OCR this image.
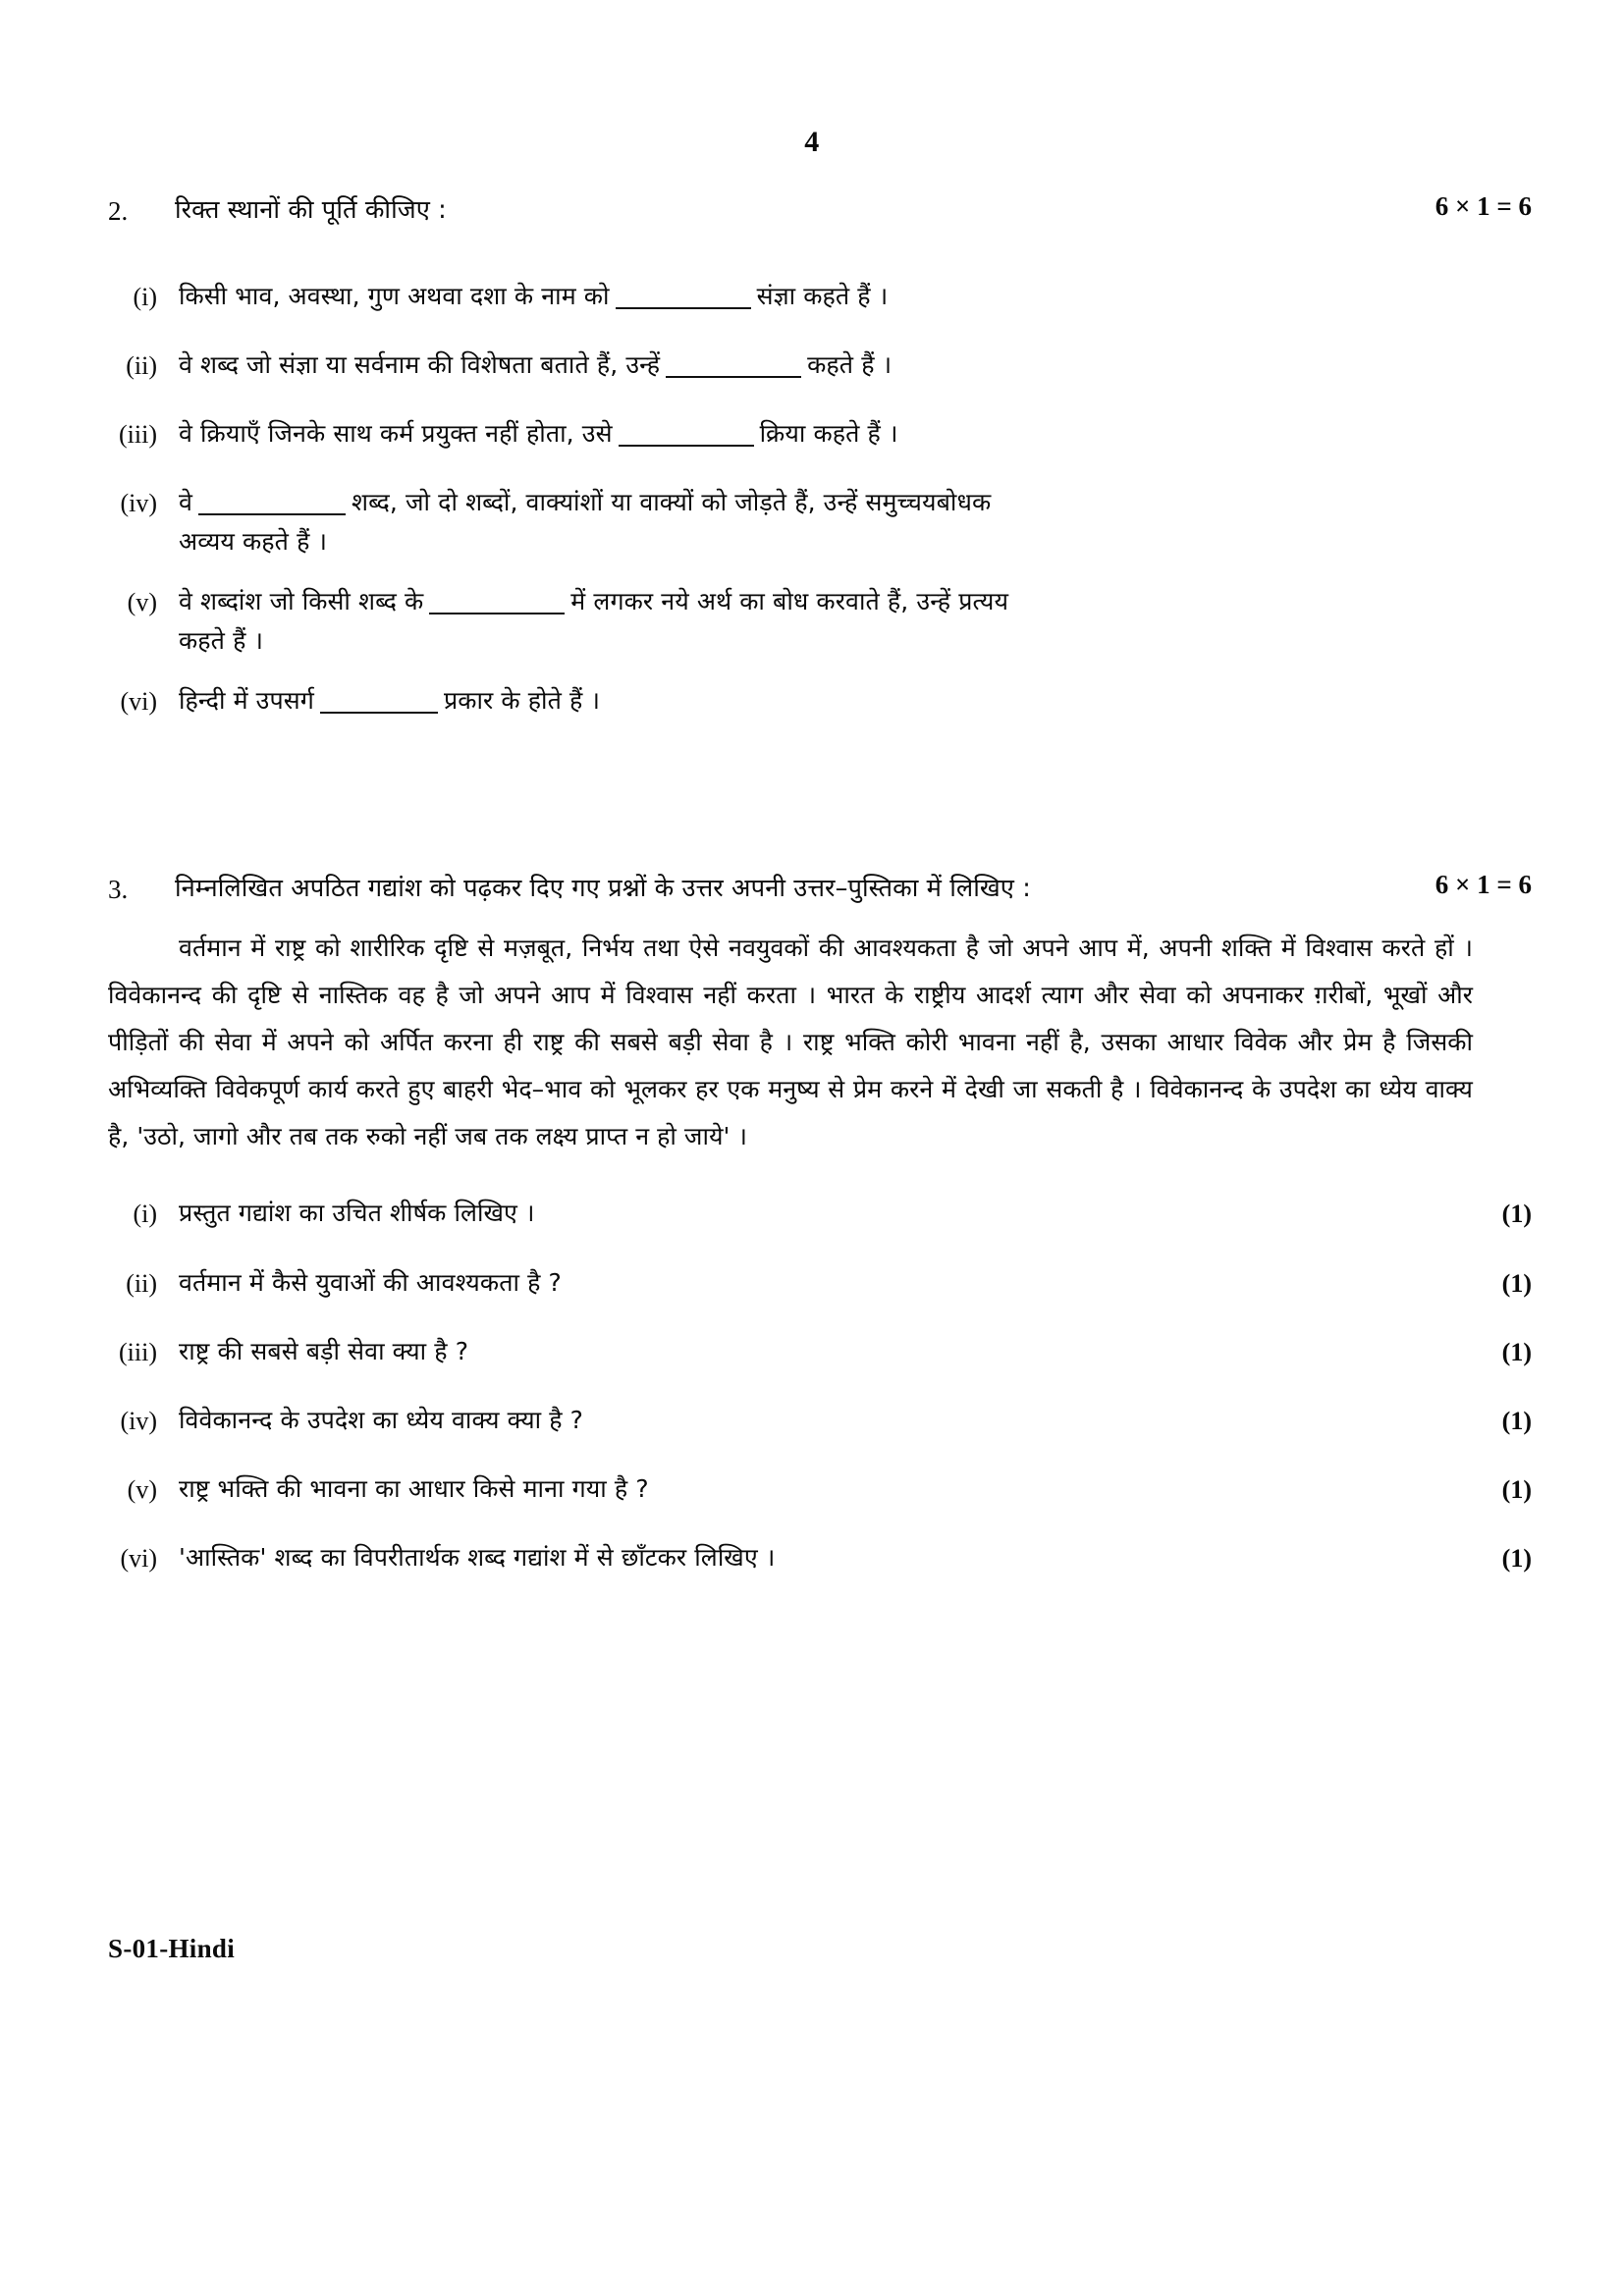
4
2.	रिक्त स्थानों की पूर्ति कीजिए :	6 × 1 = 6
(i) किसी भाव, अवस्था, गुण अथवा दशा के नाम को	संज्ञा कहते हैं ।
(ii) वे शब्द जो संज्ञा या सर्वनाम की विशेषता बताते हैं, उन्हें	कहते हैं ।
(iii) वे क्रियाएँ जिनके साथ कर्म प्रयुक्त नहीं होता, उसे	क्रिया कहते हैं ।
(iv) वे	शब्द, जो दो शब्दों, वाक्यांशों या वाक्यों को जोड़ते हैं, उन्हें समुच्चयबोधक
अव्यय कहते हैं ।
(v) वे शब्दांश जो किसी शब्द के	में लगकर नये अर्थ का बोध करवाते हैं, उन्हें प्रत्यय
कहते हैं ।
(vi) हिन्दी में उपसर्ग	प्रकार के होते हैं ।
3.	निम्नलिखित अपठित गद्यांश को पढ़कर दिए गए प्रश्नों के उत्तर अपनी उत्तर–पुस्तिका में लिखिए :	6 × 1 = 6

वर्तमान में राष्ट्र को शारीरिक दृष्टि से मज़बूत, निर्भय तथा ऐसे नवयुवकों की आवश्यकता है जो अपने आप में, अपनी शक्ति में विश्वास करते हों । विवेकानन्द की दृष्टि से नास्तिक वह है जो अपने आप में विश्वास नहीं करता । भारत के राष्ट्रीय आदर्श त्याग और सेवा को अपनाकर ग़रीबों, भूखों और पीड़ितों की सेवा में अपने को अर्पित करना ही राष्ट्र की सबसे बड़ी सेवा है । राष्ट्र भक्ति कोरी भावना नहीं है, उसका आधार विवेक और प्रेम है जिसकी अभिव्यक्ति विवेकपूर्ण कार्य करते हुए बाहरी भेद–भाव को भूलकर हर एक मनुष्य से प्रेम करने में देखी जा सकती है । विवेकानन्द के उपदेश का ध्येय वाक्य है, 'उठो, जागो और तब तक रुको नहीं जब तक लक्ष्य प्राप्त न हो जाये' ।

(i) प्रस्तुत गद्यांश का उचित शीर्षक लिखिए ।	(1)
(ii) वर्तमान में कैसे युवाओं की आवश्यकता है ?	(1)
(iii) राष्ट्र की सबसे बड़ी सेवा क्या है ?	(1)
(iv) विवेकानन्द के उपदेश का ध्येय वाक्य क्या है ?	(1)
(v) राष्ट्र भक्ति की भावना का आधार किसे माना गया है ?	(1)
(vi) 'आस्तिक' शब्द का विपरीतार्थक शब्द गद्यांश में से छाँटकर लिखिए ।	(1)
S-01-Hindi
